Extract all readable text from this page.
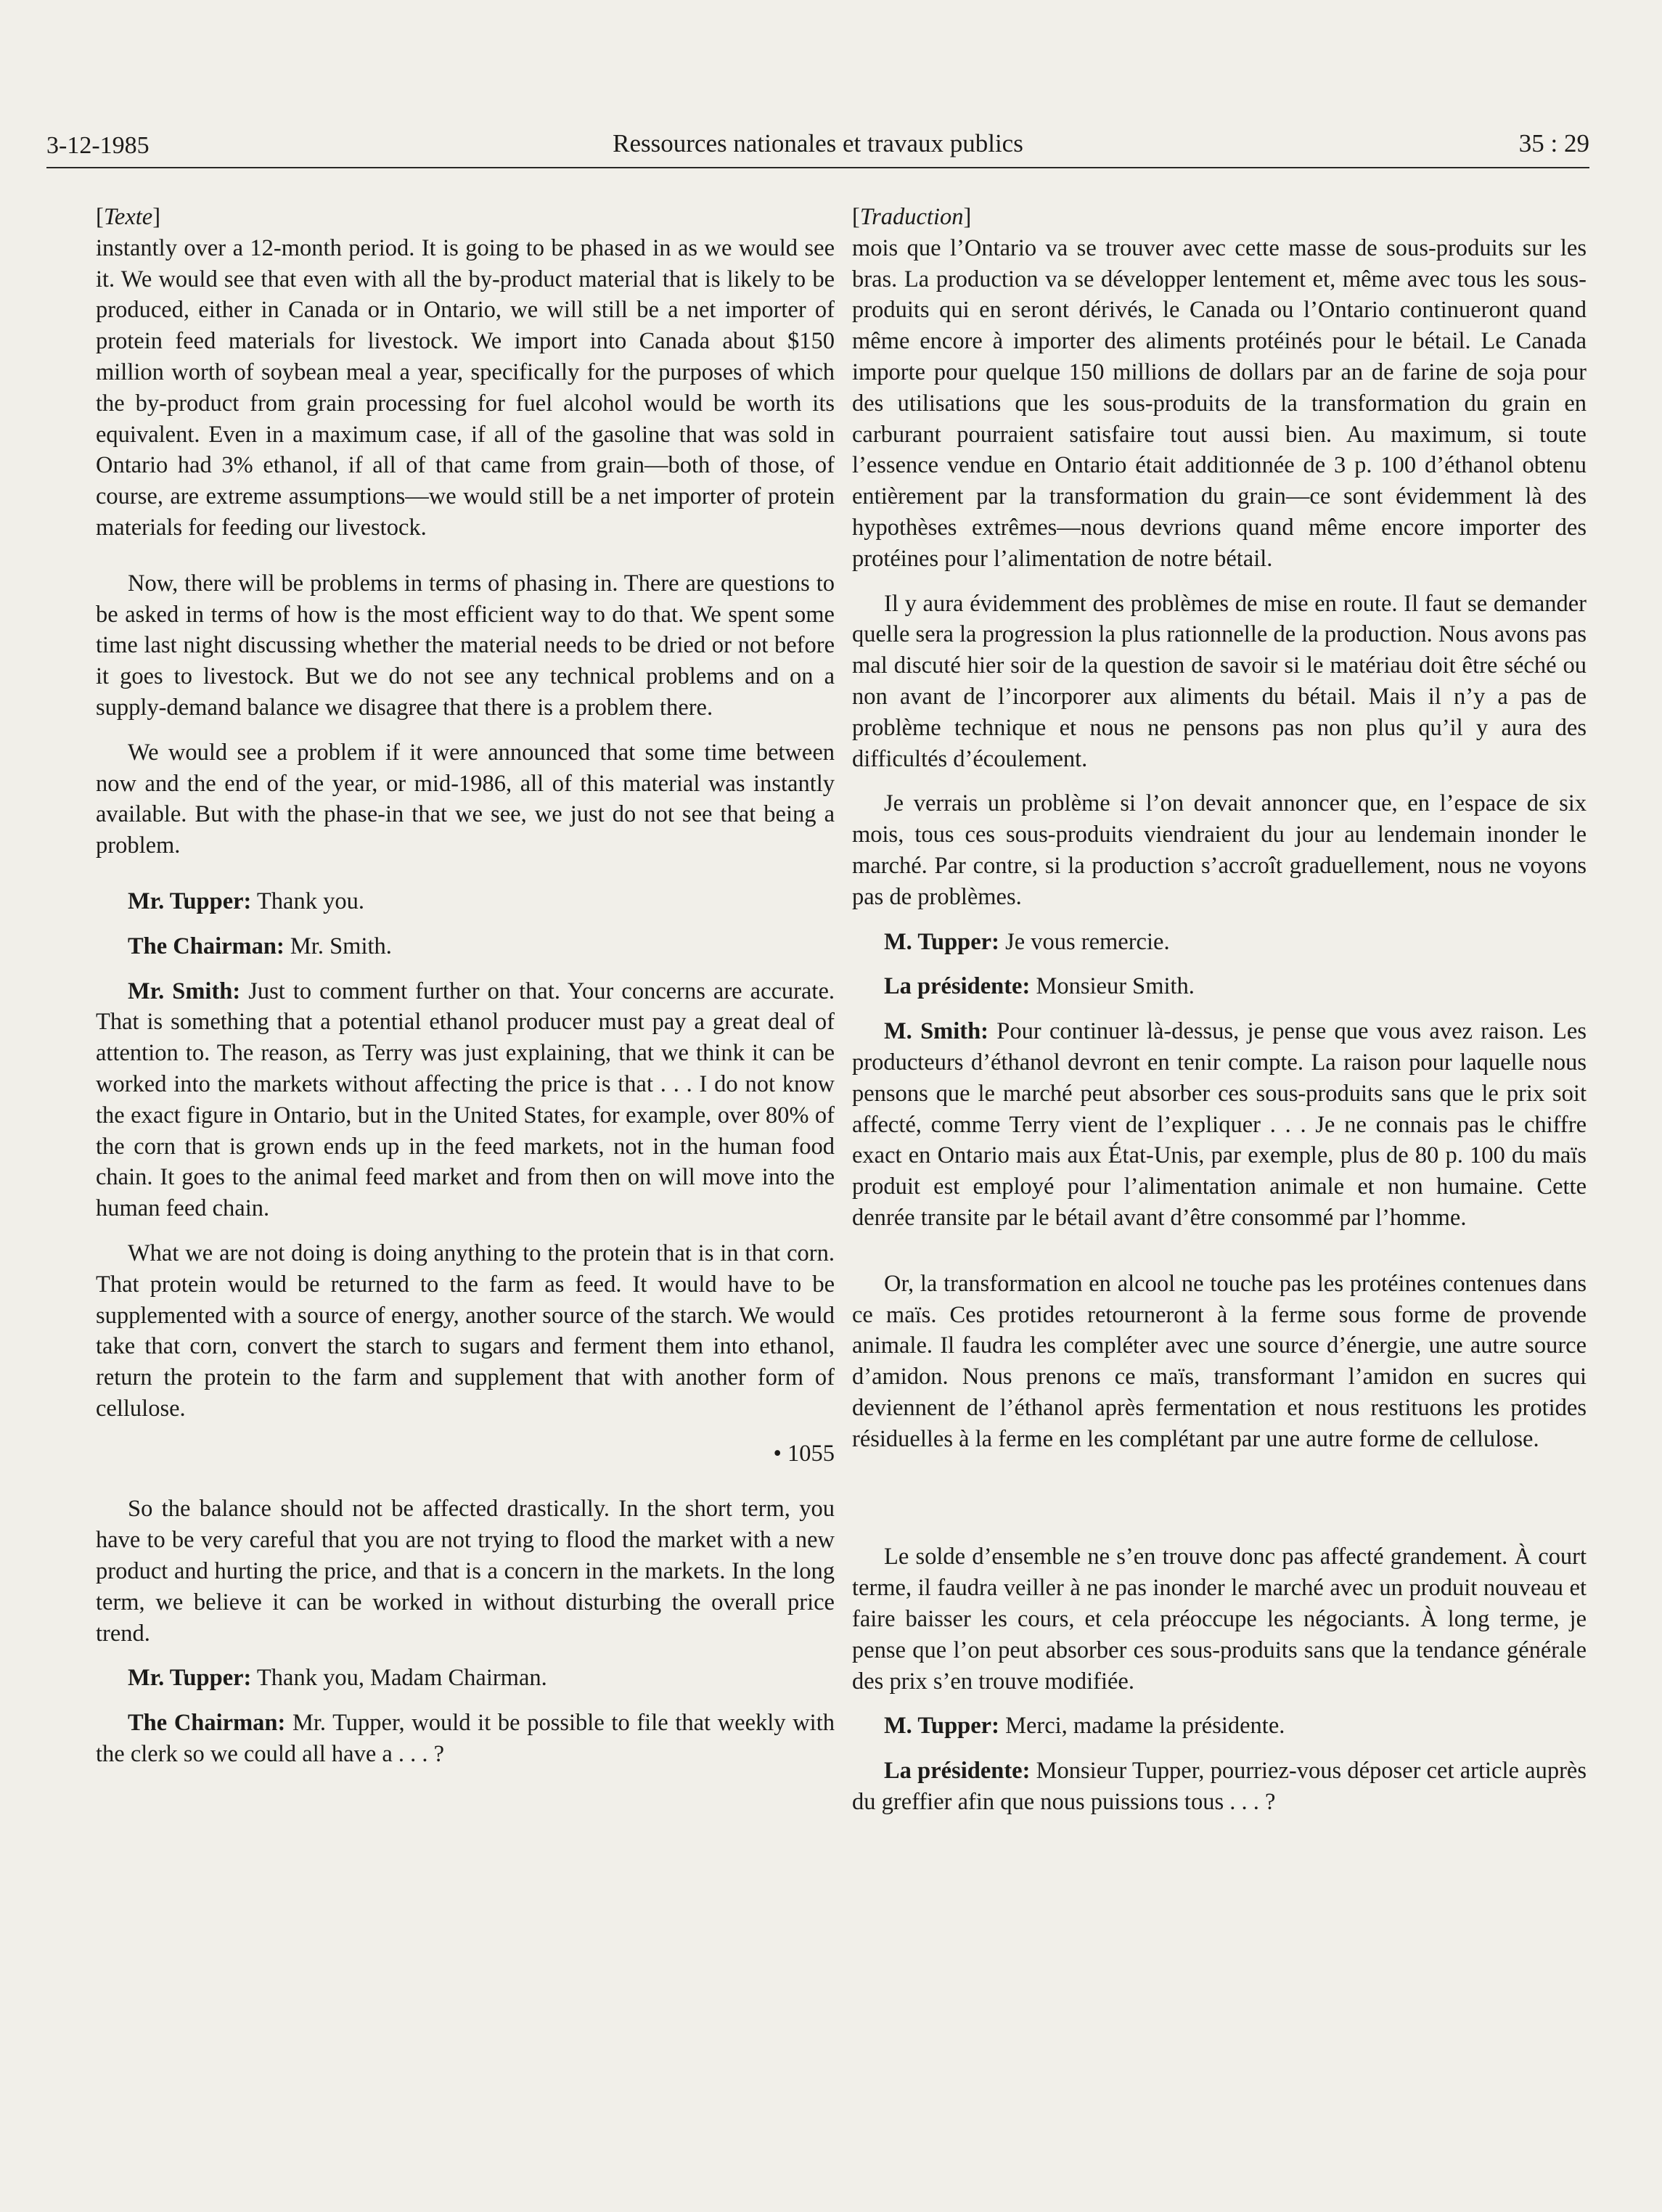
3-12-1985	Ressources nationales et travaux publics	35 : 29
[Texte]

instantly over a 12-month period. It is going to be phased in as we would see it. We would see that even with all the by-product material that is likely to be produced, either in Canada or in Ontario, we will still be a net importer of protein feed materials for livestock. We import into Canada about $150 million worth of soybean meal a year, specifically for the purposes of which the by-product from grain processing for fuel alcohol would be worth its equivalent. Even in a maximum case, if all of the gasoline that was sold in Ontario had 3% ethanol, if all of that came from grain—both of those, of course, are extreme assumptions—we would still be a net importer of protein materials for feeding our livestock.

Now, there will be problems in terms of phasing in. There are questions to be asked in terms of how is the most efficient way to do that. We spent some time last night discussing whether the material needs to be dried or not before it goes to livestock. But we do not see any technical problems and on a supply-demand balance we disagree that there is a problem there.

We would see a problem if it were announced that some time between now and the end of the year, or mid-1986, all of this material was instantly available. But with the phase-in that we see, we just do not see that being a problem.

Mr. Tupper: Thank you.

The Chairman: Mr. Smith.

Mr. Smith: Just to comment further on that. Your concerns are accurate. That is something that a potential ethanol producer must pay a great deal of attention to. The reason, as Terry was just explaining, that we think it can be worked into the markets without affecting the price is that . . . I do not know the exact figure in Ontario, but in the United States, for example, over 80% of the corn that is grown ends up in the feed markets, not in the human food chain. It goes to the animal feed market and from then on will move into the human feed chain.

What we are not doing is doing anything to the protein that is in that corn. That protein would be returned to the farm as feed. It would have to be supplemented with a source of energy, another source of the starch. We would take that corn, convert the starch to sugars and ferment them into ethanol, return the protein to the farm and supplement that with another form of cellulose.

• 1055

So the balance should not be affected drastically. In the short term, you have to be very careful that you are not trying to flood the market with a new product and hurting the price, and that is a concern in the markets. In the long term, we believe it can be worked in without disturbing the overall price trend.

Mr. Tupper: Thank you, Madam Chairman.

The Chairman: Mr. Tupper, would it be possible to file that weekly with the clerk so we could all have a . . . ?

[Traduction]

mois que l’Ontario va se trouver avec cette masse de sous-produits sur les bras. La production va se développer lentement et, même avec tous les sous-produits qui en seront dérivés, le Canada ou l’Ontario continueront quand même encore à importer des aliments protéinés pour le bétail. Le Canada importe pour quelque 150 millions de dollars par an de farine de soja pour des utilisations que les sous-produits de la transformation du grain en carburant pourraient satisfaire tout aussi bien. Au maximum, si toute l’essence vendue en Ontario était additionnée de 3 p. 100 d’éthanol obtenu entièrement par la transformation du grain—ce sont évidemment là des hypothèses extrêmes—nous devrions quand même encore importer des protéines pour l’alimentation de notre bétail.

Il y aura évidemment des problèmes de mise en route. Il faut se demander quelle sera la progression la plus rationnelle de la production. Nous avons pas mal discuté hier soir de la question de savoir si le matériau doit être séché ou non avant de l’incorporer aux aliments du bétail. Mais il n’y a pas de problème technique et nous ne pensons pas non plus qu’il y aura des difficultés d’écoulement.

Je verrais un problème si l’on devait annoncer que, en l’espace de six mois, tous ces sous-produits viendraient du jour au lendemain inonder le marché. Par contre, si la production s’accroît graduellement, nous ne voyons pas de problèmes.

M. Tupper: Je vous remercie.

La présidente: Monsieur Smith.

M. Smith: Pour continuer là-dessus, je pense que vous avez raison. Les producteurs d’éthanol devront en tenir compte. La raison pour laquelle nous pensons que le marché peut absorber ces sous-produits sans que le prix soit affecté, comme Terry vient de l’expliquer . . . Je ne connais pas le chiffre exact en Ontario mais aux État-Unis, par exemple, plus de 80 p. 100 du maïs produit est employé pour l’alimentation animale et non humaine. Cette denrée transite par le bétail avant d’être consommé par l’homme.

Or, la transformation en alcool ne touche pas les protéines contenues dans ce maïs. Ces protides retourneront à la ferme sous forme de provende animale. Il faudra les compléter avec une source d’énergie, une autre source d’amidon. Nous prenons ce maïs, transformant l’amidon en sucres qui deviennent de l’éthanol après fermentation et nous restituons les protides résiduelles à la ferme en les complétant par une autre forme de cellulose.

Le solde d’ensemble ne s’en trouve donc pas affecté grandement. À court terme, il faudra veiller à ne pas inonder le marché avec un produit nouveau et faire baisser les cours, et cela préoccupe les négociants. À long terme, je pense que l’on peut absorber ces sous-produits sans que la tendance générale des prix s’en trouve modifiée.

M. Tupper: Merci, madame la présidente.

La présidente: Monsieur Tupper, pourriez-vous déposer cet article auprès du greffier afin que nous puissions tous . . . ?
